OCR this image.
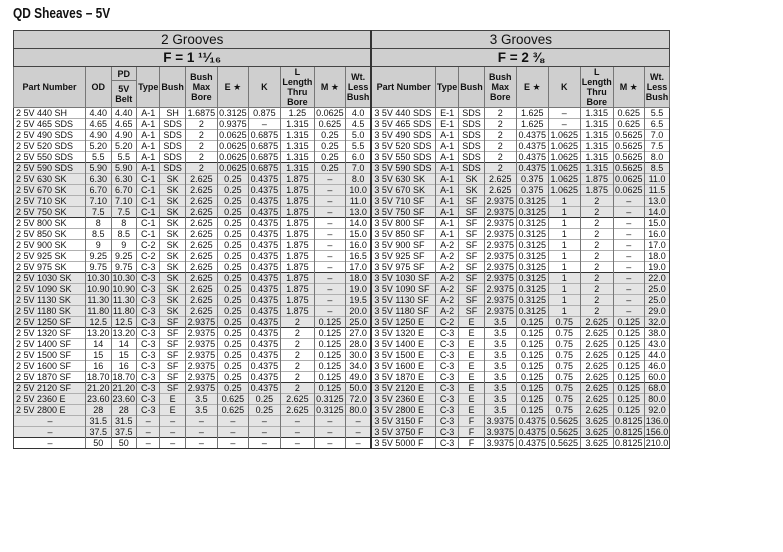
QD Sheaves – 5V
2 Grooves											3 Grooves								
F = 1 ¹¹⁄₁₆											F = 2 ⅜								
Part Number	OD	PD	Type	Bush	Bush Max Bore	E ★	K	L Length Thru Bore	M ★	Wt. Less Bush	Part Number	Type	Bush	Bush Max Bore	E ★	K	L Length Thru Bore	M ★	Wt. Less Bush
		5V Belt																	
2 5V 440 SH	4.40	4.40	A-1	SH	1.6875	0.3125	0.875	1.25	0.0625	4.0	3 5V 440 SDS	E-1	SDS	2	1.625	–	1.315	0.625	5.5
2 5V 465 SDS	4.65	4.65	A-1	SDS	2	0.9375	–	1.315	0.625	4.5	3 5V 465 SDS	E-1	SDS	2	1.625	–	1.315	0.625	6.5
2 5V 490 SDS	4.90	4.90	A-1	SDS	2	0.0625	0.6875	1.315	0.25	5.0	3 5V 490 SDS	A-1	SDS	2	0.4375	1.0625	1.315	0.5625	7.0
2 5V 520 SDS	5.20	5.20	A-1	SDS	2	0.0625	0.6875	1.315	0.25	5.5	3 5V 520 SDS	A-1	SDS	2	0.4375	1.0625	1.315	0.5625	7.5
2 5V 550 SDS	5.5	5.5	A-1	SDS	2	0.0625	0.6875	1.315	0.25	6.0	3 5V 550 SDS	A-1	SDS	2	0.4375	1.0625	1.315	0.5625	8.0
2 5V 590 SDS	5.90	5.90	A-1	SDS	2	0.0625	0.6875	1.315	0.25	7.0	3 5V 590 SDS	A-1	SDS	2	0.4375	1.0625	1.315	0.5625	8.5
2 5V 630 SK	6.30	6.30	C-1	SK	2.625	0.25	0.4375	1.875	–	8.0	3 5V 630 SK	A-1	SK	2.625	0.375	1.0625	1.875	0.0625	11.0
2 5V 670 SK	6.70	6.70	C-1	SK	2.625	0.25	0.4375	1.875	–	10.0	3 5V 670 SK	A-1	SK	2.625	0.375	1.0625	1.875	0.0625	11.5
2 5V 710 SK	7.10	7.10	C-1	SK	2.625	0.25	0.4375	1.875	–	11.0	3 5V 710 SF	A-1	SF	2.9375	0.3125	1	2	–	13.0
2 5V 750 SK	7.5	7.5	C-1	SK	2.625	0.25	0.4375	1.875	–	13.0	3 5V 750 SF	A-1	SF	2.9375	0.3125	1	2	–	14.0
2 5V 800 SK	8	8	C-1	SK	2.625	0.25	0.4375	1.875	–	14.0	3 5V 800 SF	A-1	SF	2.9375	0.3125	1	2	–	15.0
2 5V 850 SK	8.5	8.5	C-1	SK	2.625	0.25	0.4375	1.875	–	15.0	3 5V 850 SF	A-1	SF	2.9375	0.3125	1	2	–	16.0
2 5V 900 SK	9	9	C-2	SK	2.625	0.25	0.4375	1.875	–	16.0	3 5V 900 SF	A-2	SF	2.9375	0.3125	1	2	–	17.0
2 5V 925 SK	9.25	9.25	C-2	SK	2.625	0.25	0.4375	1.875	–	16.5	3 5V 925 SF	A-2	SF	2.9375	0.3125	1	2	–	18.0
2 5V 975 SK	9.75	9.75	C-3	SK	2.625	0.25	0.4375	1.875	–	17.0	3 5V 975 SF	A-2	SF	2.9375	0.3125	1	2	–	19.0
2 5V 1030 SK	10.30	10.30	C-3	SK	2.625	0.25	0.4375	1.875	–	18.0	3 5V 1030 SF	A-2	SF	2.9375	0.3125	1	2	–	22.0
2 5V 1090 SK	10.90	10.90	C-3	SK	2.625	0.25	0.4375	1.875	–	19.0	3 5V 1090 SF	A-2	SF	2.9375	0.3125	1	2	–	25.0
2 5V 1130 SK	11.30	11.30	C-3	SK	2.625	0.25	0.4375	1.875	–	19.5	3 5V 1130 SF	A-2	SF	2.9375	0.3125	1	2	–	25.0
2 5V 1180 SK	11.80	11.80	C-3	SK	2.625	0.25	0.4375	1.875	–	20.0	3 5V 1180 SF	A-2	SF	2.9375	0.3125	1	2	–	29.0
2 5V 1250 SF	12.5	12.5	C-3	SF	2.9375	0.25	0.4375	2	0.125	25.0	3 5V 1250 E	C-2	E	3.5	0.125	0.75	2.625	0.125	32.0
2 5V 1320 SF	13.20	13.20	C-3	SF	2.9375	0.25	0.4375	2	0.125	27.0	3 5V 1320 E	C-3	E	3.5	0.125	0.75	2.625	0.125	38.0
2 5V 1400 SF	14	14	C-3	SF	2.9375	0.25	0.4375	2	0.125	28.0	3 5V 1400 E	C-3	E	3.5	0.125	0.75	2.625	0.125	43.0
2 5V 1500 SF	15	15	C-3	SF	2.9375	0.25	0.4375	2	0.125	30.0	3 5V 1500 E	C-3	E	3.5	0.125	0.75	2.625	0.125	44.0
2 5V 1600 SF	16	16	C-3	SF	2.9375	0.25	0.4375	2	0.125	34.0	3 5V 1600 E	C-3	E	3.5	0.125	0.75	2.625	0.125	46.0
2 5V 1870 SF	18.70	18.70	C-3	SF	2.9375	0.25	0.4375	2	0.125	49.0	3 5V 1870 E	C-3	E	3.5	0.125	0.75	2.625	0.125	60.0
2 5V 2120 SF	21.20	21.20	C-3	SF	2.9375	0.25	0.4375	2	0.125	50.0	3 5V 2120 E	C-3	E	3.5	0.125	0.75	2.625	0.125	68.0
2 5V 2360 E	23.60	23.60	C-3	E	3.5	0.625	0.25	2.625	0.3125	72.0	3 5V 2360 E	C-3	E	3.5	0.125	0.75	2.625	0.125	80.0
2 5V 2800 E	28	28	C-3	E	3.5	0.625	0.25	2.625	0.3125	80.0	3 5V 2800 E	C-3	E	3.5	0.125	0.75	2.625	0.125	92.0
–	31.5	31.5	–	–	–	–	–	–	–	–	3 5V 3150 F	C-3	F	3.9375	0.4375	0.5625	3.625	0.8125	136.0
–	37.5	37.5	–	–	–	–	–	–	–	–	3 5V 3750 F	C-3	F	3.9375	0.4375	0.5625	3.625	0.8125	156.0
–	50	50	–	–	–	–	–	–	–	–	3 5V 5000 F	C-3	F	3.9375	0.4375	0.5625	3.625	0.8125	210.0
